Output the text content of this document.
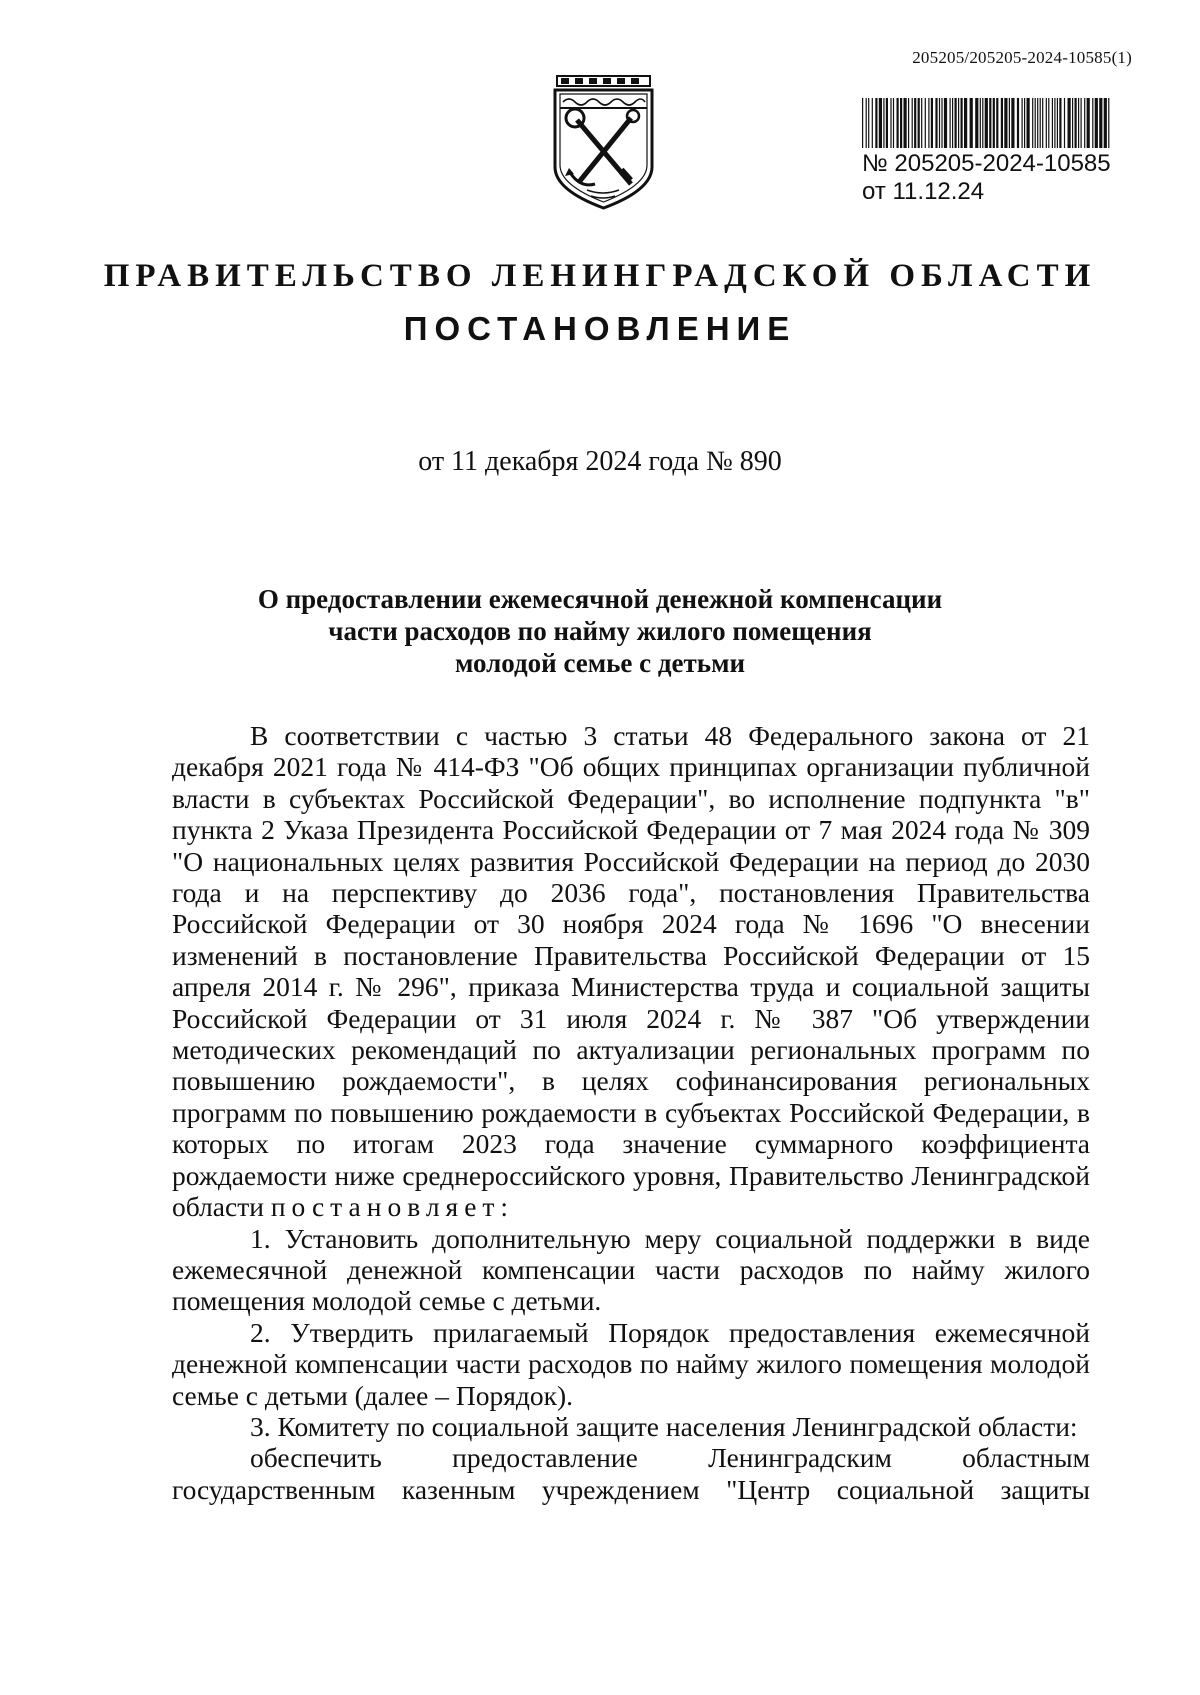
205205/205205-2024-10585(1)
№ 205205-2024-10585
от 11.12.24
ПРАВИТЕЛЬСТВО ЛЕНИНГРАДСКОЙ ОБЛАСТИ
ПОСТАНОВЛЕНИЕ
от 11 декабря 2024 года № 890
О предоставлении ежемесячной денежной компенсации
части расходов по найму жилого помещения
молодой семье с детьми

В соответствии с частью 3 статьи 48 Федерального закона от 21 декабря 2021 года № 414-ФЗ "Об общих принципах организации публичной власти в субъектах Российской Федерации", во исполнение подпункта "в" пункта 2 Указа Президента Российской Федерации от 7 мая 2024 года № 309 "О национальных целях развития Российской Федерации на период до 2030 года и на перспективу до 2036 года", постановления Правительства Российской Федерации от 30 ноября 2024 года № 1696 "О внесении изменений в постановление Правительства Российской Федерации от 15 апреля 2014 г. № 296", приказа Министерства труда и социальной защиты Российской Федерации от 31 июля 2024 г. № 387 "Об утверждении методических рекомендаций по актуализации региональных программ по повышению рождаемости", в целях софинансирования региональных программ по повышению рождаемости в субъектах Российской Федерации, в которых по итогам 2023 года значение суммарного коэффициента рождаемости ниже среднероссийского уровня, Правительство Ленинградской области постановляет:

1. Установить дополнительную меру социальной поддержки в виде ежемесячной денежной компенсации части расходов по найму жилого помещения молодой семье с детьми.

2. Утвердить прилагаемый Порядок предоставления ежемесячной денежной компенсации части расходов по найму жилого помещения молодой семье с детьми (далее – Порядок).

3. Комитету по социальной защите населения Ленинградской области:

обеспечить предоставление Ленинградским областным государственным казенным учреждением "Центр социальной защиты
